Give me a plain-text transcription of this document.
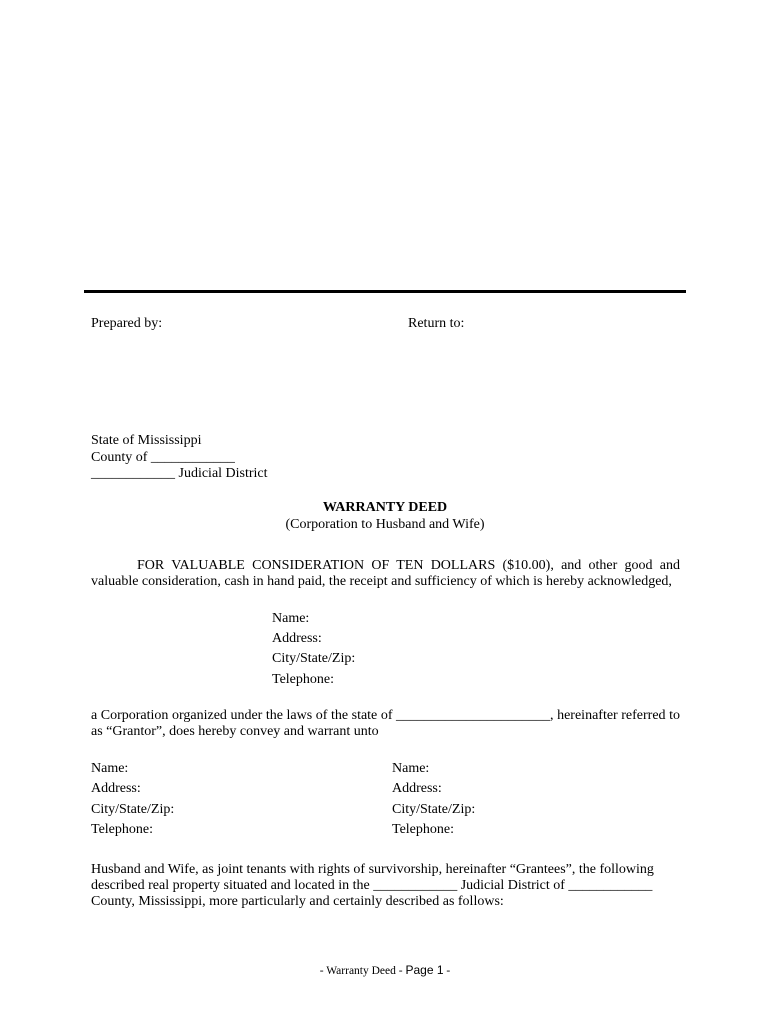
Prepared by:	Return to:
State of Mississippi
County of ____________
____________ Judicial District
WARRANTY DEED
(Corporation to Husband and Wife)
FOR VALUABLE CONSIDERATION OF TEN DOLLARS ($10.00), and other good and
valuable consideration, cash in hand paid, the receipt and sufficiency of which is hereby acknowledged,
Name:
Address:
City/State/Zip:
Telephone:
a Corporation organized under the laws of the state of ______________________, hereinafter referred to
as “Grantor”, does hereby convey and warrant unto
Name:
Address:
City/State/Zip:
Telephone:
Name:
Address:
City/State/Zip:
Telephone:
Husband and Wife, as joint tenants with rights of survivorship, hereinafter “Grantees”, the following
described real property situated and located in the ____________ Judicial District of ____________
County, Mississippi, more particularly and certainly described as follows:
- Warranty Deed - Page 1 -
